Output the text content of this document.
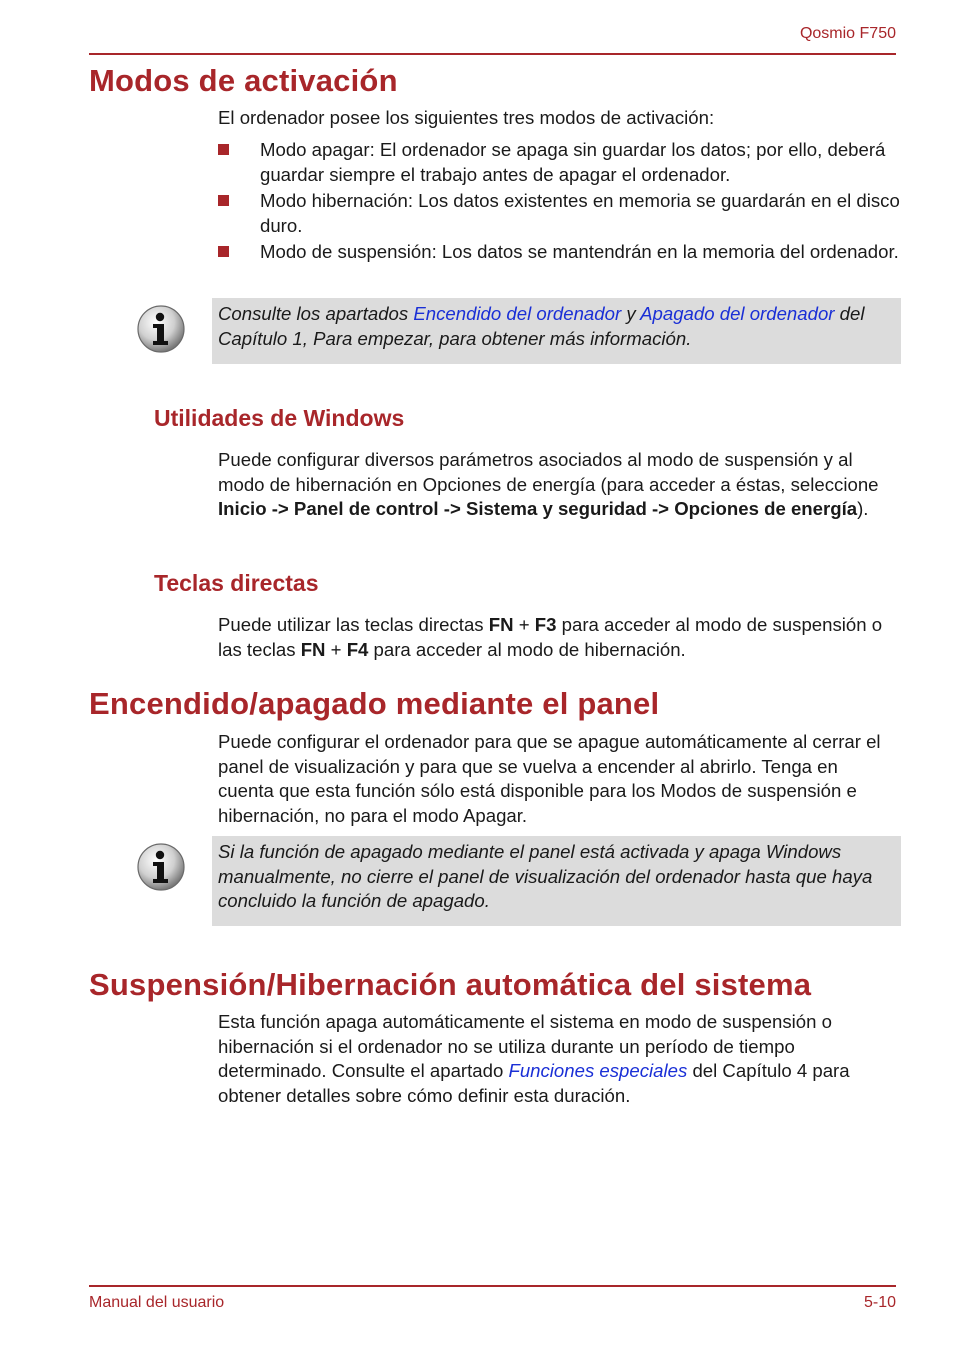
Qosmio F750
Modos de activación

El ordenador posee los siguientes tres modos de activación:

Modo apagar: El ordenador se apaga sin guardar los datos; por ello, deberá guardar siempre el trabajo antes de apagar el ordenador.
Modo hibernación: Los datos existentes en memoria se guardarán en el disco duro.
Modo de suspensión: Los datos se mantendrán en la memoria del ordenador.

Consulte los apartados Encendido del ordenador y Apagado del ordenador del Capítulo 1, Para empezar, para obtener más información.

Utilidades de Windows

Puede configurar diversos parámetros asociados al modo de suspensión y al modo de hibernación en Opciones de energía (para acceder a éstas, seleccione Inicio -> Panel de control -> Sistema y seguridad -> Opciones de energía).

Teclas directas

Puede utilizar las teclas directas FN + F3 para acceder al modo de suspensión o las teclas FN + F4 para acceder al modo de hibernación.

Encendido/apagado mediante el panel

Puede configurar el ordenador para que se apague automáticamente al cerrar el panel de visualización y para que se vuelva a encender al abrirlo. Tenga en cuenta que esta función sólo está disponible para los Modos de suspensión e hibernación, no para el modo Apagar.

Si la función de apagado mediante el panel está activada y apaga Windows manualmente, no cierre el panel de visualización del ordenador hasta que haya concluido la función de apagado.

Suspensión/Hibernación automática del sistema

Esta función apaga automáticamente el sistema en modo de suspensión o hibernación si el ordenador no se utiliza durante un período de tiempo determinado. Consulte el apartado Funciones especiales del Capítulo 4 para obtener detalles sobre cómo definir esta duración.

Manual del usuario	5-10
